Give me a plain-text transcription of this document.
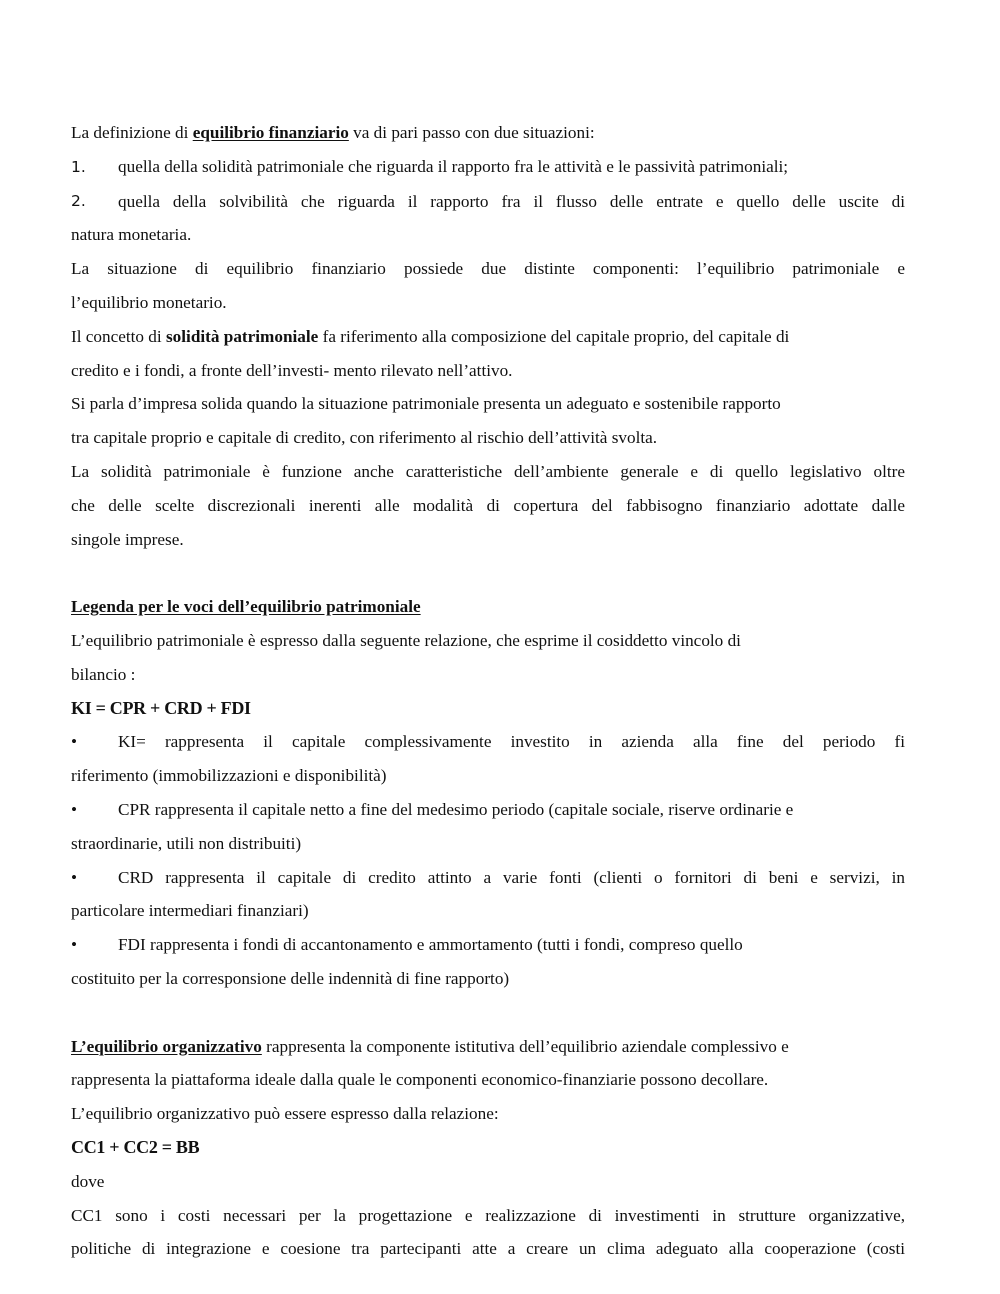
La definizione di equilibrio finanziario va di pari passo con due situazioni:
1. quella della solidità patrimoniale che riguarda il rapporto fra le attività e le passività patrimoniali;
2.	quella della solvibilità che riguarda il rapporto fra il flusso delle entrate e quello delle uscite di
natura monetaria.
La situazione di equilibrio finanziario possiede due distinte componenti: l’equilibrio patrimoniale e
l’equilibrio monetario.
Il concetto di solidità patrimoniale fa riferimento alla composizione del capitale proprio, del capitale di
credito e i fondi, a fronte dell’investi- mento rilevato nell’attivo.
Si parla d’impresa solida quando la situazione patrimoniale presenta un adeguato e sostenibile rapporto
tra capitale proprio e capitale di credito, con riferimento al rischio dell’attività svolta.
La solidità patrimoniale è funzione anche caratteristiche dell’ambiente generale e di quello legislativo oltre
che delle scelte discrezionali inerenti alle modalità di copertura del fabbisogno finanziario adottate dalle
singole imprese.
Legenda per le voci dell’equilibrio patrimoniale
L’equilibrio patrimoniale è espresso dalla seguente relazione, che esprime il cosiddetto vincolo di
bilancio :
KI = CPR + CRD + FDI
•	KI= rappresenta il capitale complessivamente investito in azienda alla fine del periodo fi
riferimento (immobilizzazioni e disponibilità)
• CPR rappresenta il capitale netto a fine del medesimo periodo (capitale sociale, riserve ordinarie e
straordinarie, utili non distribuiti)
•	CRD rappresenta il capitale di credito attinto a varie fonti (clienti o fornitori di beni e servizi, in
particolare intermediari finanziari)
• FDI rappresenta i fondi di accantonamento e ammortamento (tutti i fondi, compreso quello
costituito per la corresponsione delle indennità di fine rapporto)
L’equilibrio organizzativo rappresenta la componente istitutiva dell’equilibrio aziendale complessivo e
rappresenta la piattaforma ideale dalla quale le componenti economico-finanziarie possono decollare.
L’equilibrio organizzativo può essere espresso dalla relazione:
CC1 + CC2 = BB
dove
CC1 sono i costi necessari per la progettazione e realizzazione di investimenti in strutture organizzative,
politiche di integrazione e coesione tra partecipanti atte a creare un clima adeguato alla cooperazione (costi
